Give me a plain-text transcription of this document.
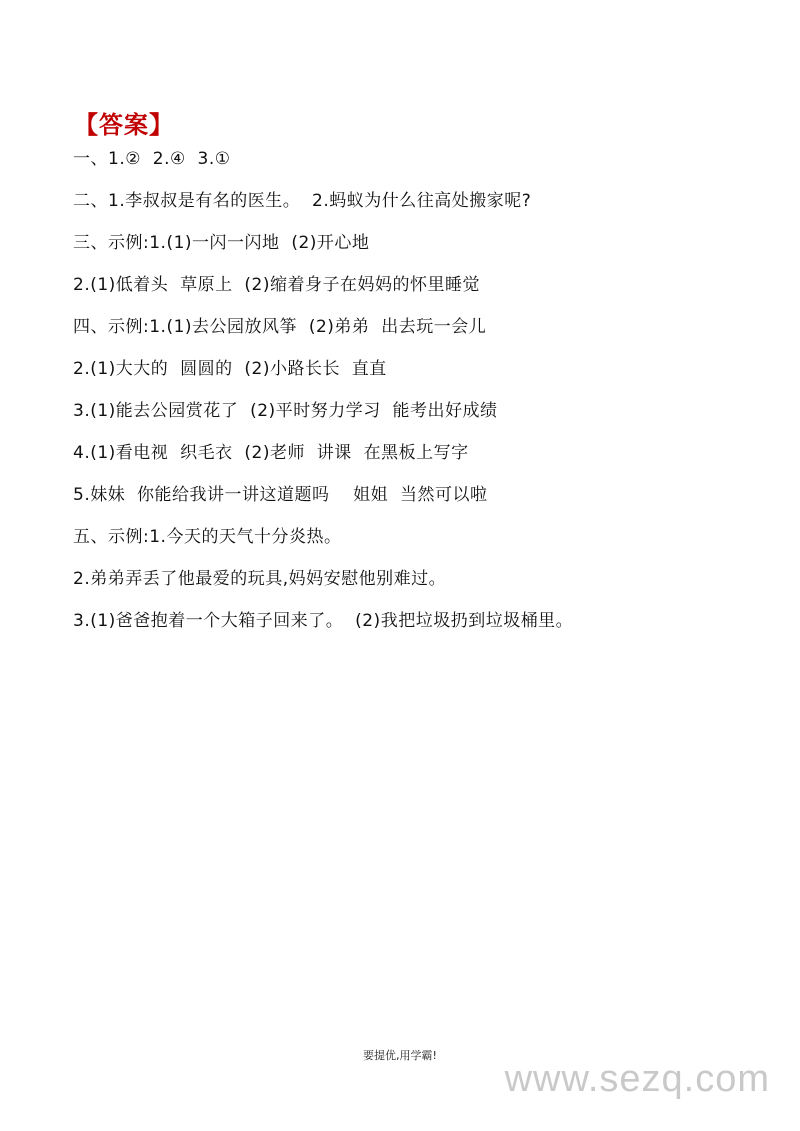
【答案】
一、1.②  2.④  3.①
二、1.李叔叔是有名的医生。  2.蚂蚁为什么往高处搬家呢?
三、示例:1.(1)一闪一闪地  (2)开心地
2.(1)低着头  草原上  (2)缩着身子在妈妈的怀里睡觉
四、示例:1.(1)去公园放风筝  (2)弟弟  出去玩一会儿
2.(1)大大的  圆圆的  (2)小路长长  直直
3.(1)能去公园赏花了  (2)平时努力学习  能考出好成绩
4.(1)看电视  织毛衣  (2)老师  讲课  在黑板上写字
5.妹妹  你能给我讲一讲这道题吗    姐姐  当然可以啦
五、示例:1.今天的天气十分炎热。
2.弟弟弄丢了他最爱的玩具,妈妈安慰他别难过。
3.(1)爸爸抱着一个大箱子回来了。  (2)我把垃圾扔到垃圾桶里。
要提优,用学霸!
www.sezq.com
